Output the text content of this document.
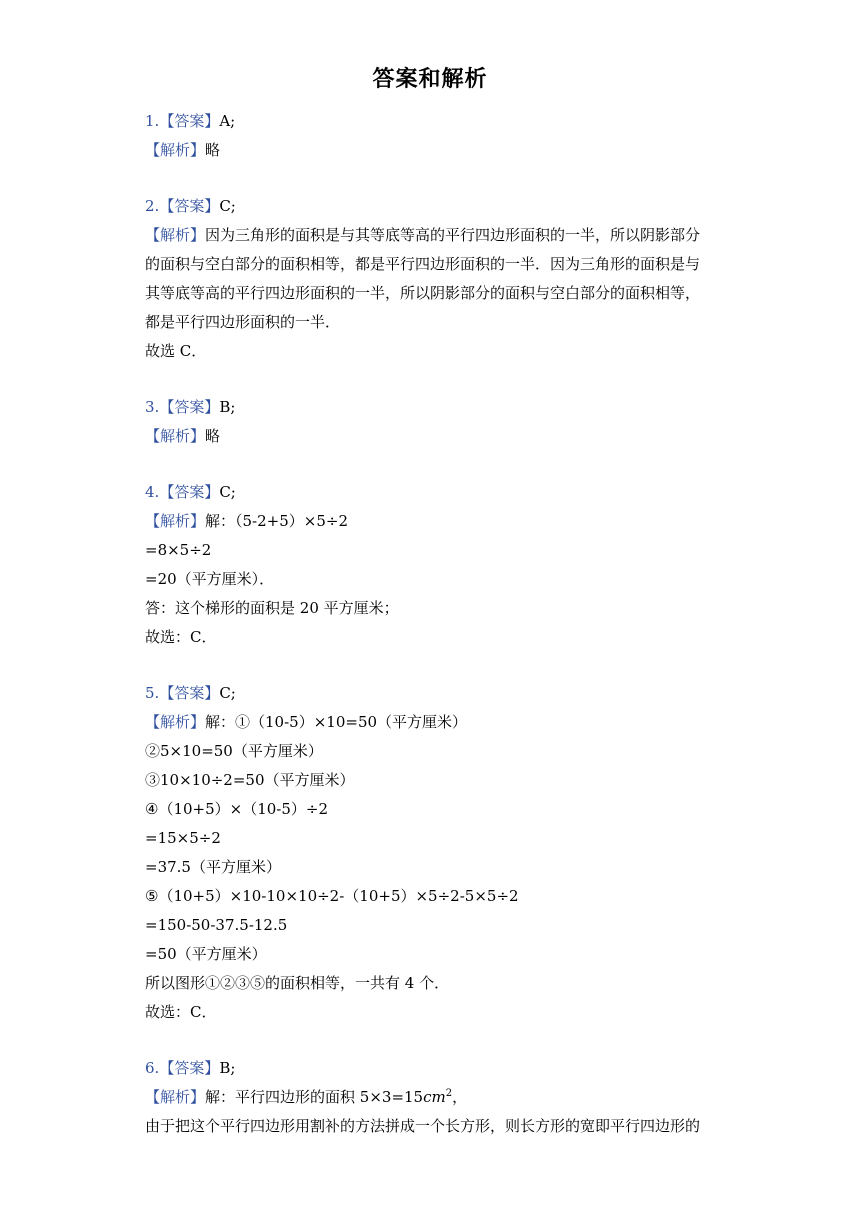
答案和解析
1.【答案】A;
【解析】略
2.【答案】C;
【解析】因为三角形的面积是与其等底等高的平行四边形面积的一半，所以阴影部分
的面积与空白部分的面积相等，都是平行四边形面积的一半．因为三角形的面积是与
其等底等高的平行四边形面积的一半，所以阴影部分的面积与空白部分的面积相等，
都是平行四边形面积的一半．
故选 C．
3.【答案】B;
【解析】略
4.【答案】C;
【解析】解：（5-2+5）×5÷2
=8×5÷2
=20（平方厘米）．
答：这个梯形的面积是 20 平方厘米；
故选：C．
5.【答案】C;
【解析】解：①（10-5）×10=50（平方厘米）
②5×10=50（平方厘米）
③10×10÷2=50（平方厘米）
④（10+5）×（10-5）÷2
=15×5÷2
=37.5（平方厘米）
⑤（10+5）×10-10×10÷2-（10+5）×5÷2-5×5÷2
=150-50-37.5-12.5
=50（平方厘米）
所以图形①②③⑤的面积相等，一共有 4 个．
故选：C．
6.【答案】B;
【解析】解：平行四边形的面积 $5\times 3=15cm^2$，
由于把这个平行四边形用割补的方法拼成一个长方形，则长方形的宽即平行四边形的
